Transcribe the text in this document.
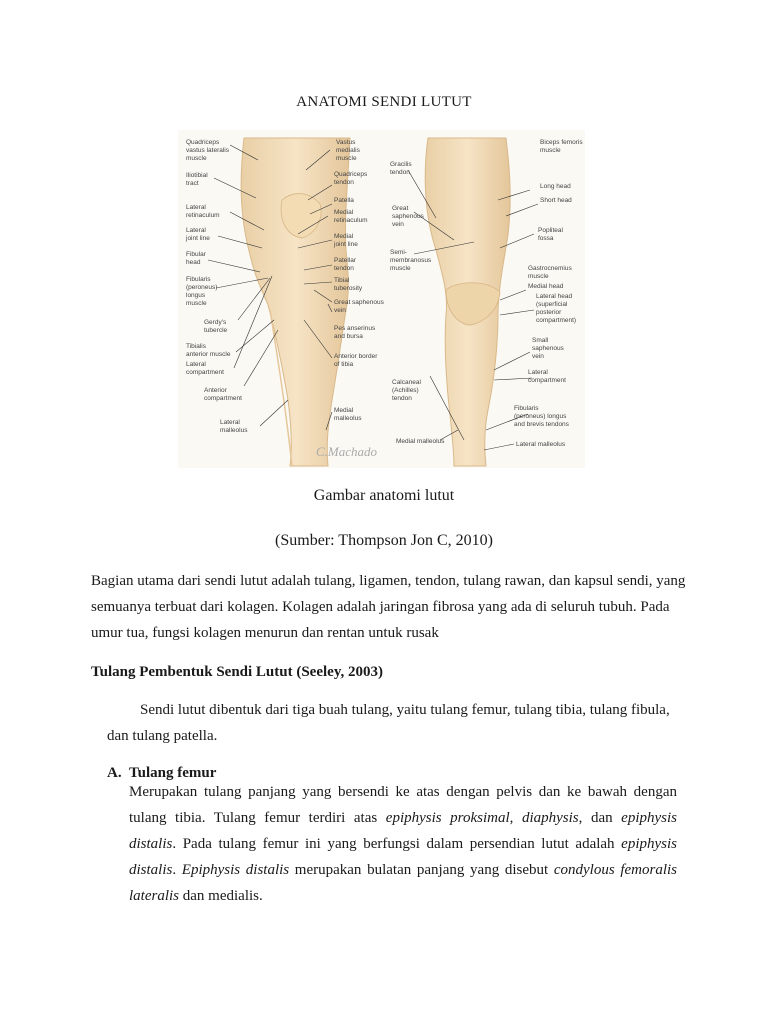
ANATOMI SENDI LUTUT
Quadriceps
vastus lateralis
muscle
Iliotibial
tract
Lateral
retinaculum
Lateral
joint line
Fibular
head
Fibularis
(peroneus)
longus
muscle
Gerdy's
tubercle
Tibialis
anterior muscle
Lateral
compartment
Anterior
compartment
Lateral
malleolus
Vastus
medialis
muscle
Quadriceps
tendon
Patella
Medial
retinaculum
Medial
joint line
Patellar
tendon
Tibial
tuberosity
Great saphenous
vein
Pes anserinus
and bursa
Anterior border
of tibia
Medial
malleolus
Gracilis
tendon
Great
saphenous
vein
Semi-
membranosus
muscle
Calcaneal
(Achilles)
tendon
Medial malleolus
Biceps femoris
muscle
Long head
Short head
Popliteal
fossa
Gastrocnemius
muscle
Medial head
Lateral head
(superficial
posterior
compartment)
Small
saphenous
vein
Lateral
compartment
Fibularis
(peroneus) longus
and brevis tendons
Lateral malleolus
C.Machado
Gambar anatomi lutut
(Sumber: Thompson Jon C, 2010)
Bagian utama dari sendi lutut adalah tulang, ligamen, tendon, tulang rawan, dan kapsul sendi, yang semuanya terbuat dari kolagen. Kolagen adalah jaringan fibrosa yang ada di seluruh tubuh. Pada umur tua, fungsi kolagen menurun dan rentan untuk rusak
Tulang Pembentuk Sendi Lutut (Seeley, 2003)
Sendi lutut dibentuk dari tiga buah tulang, yaitu tulang femur, tulang tibia, tulang fibula, dan tulang patella.
A. Tulang femur
Merupakan tulang panjang yang bersendi ke atas dengan pelvis dan ke bawah dengan tulang tibia. Tulang femur terdiri atas epiphysis proksimal, diaphysis, dan epiphysis distalis. Pada tulang femur ini yang berfungsi dalam persendian lutut adalah epiphysis distalis. Epiphysis distalis merupakan bulatan panjang yang disebut condylous femoralis lateralis dan medialis.
